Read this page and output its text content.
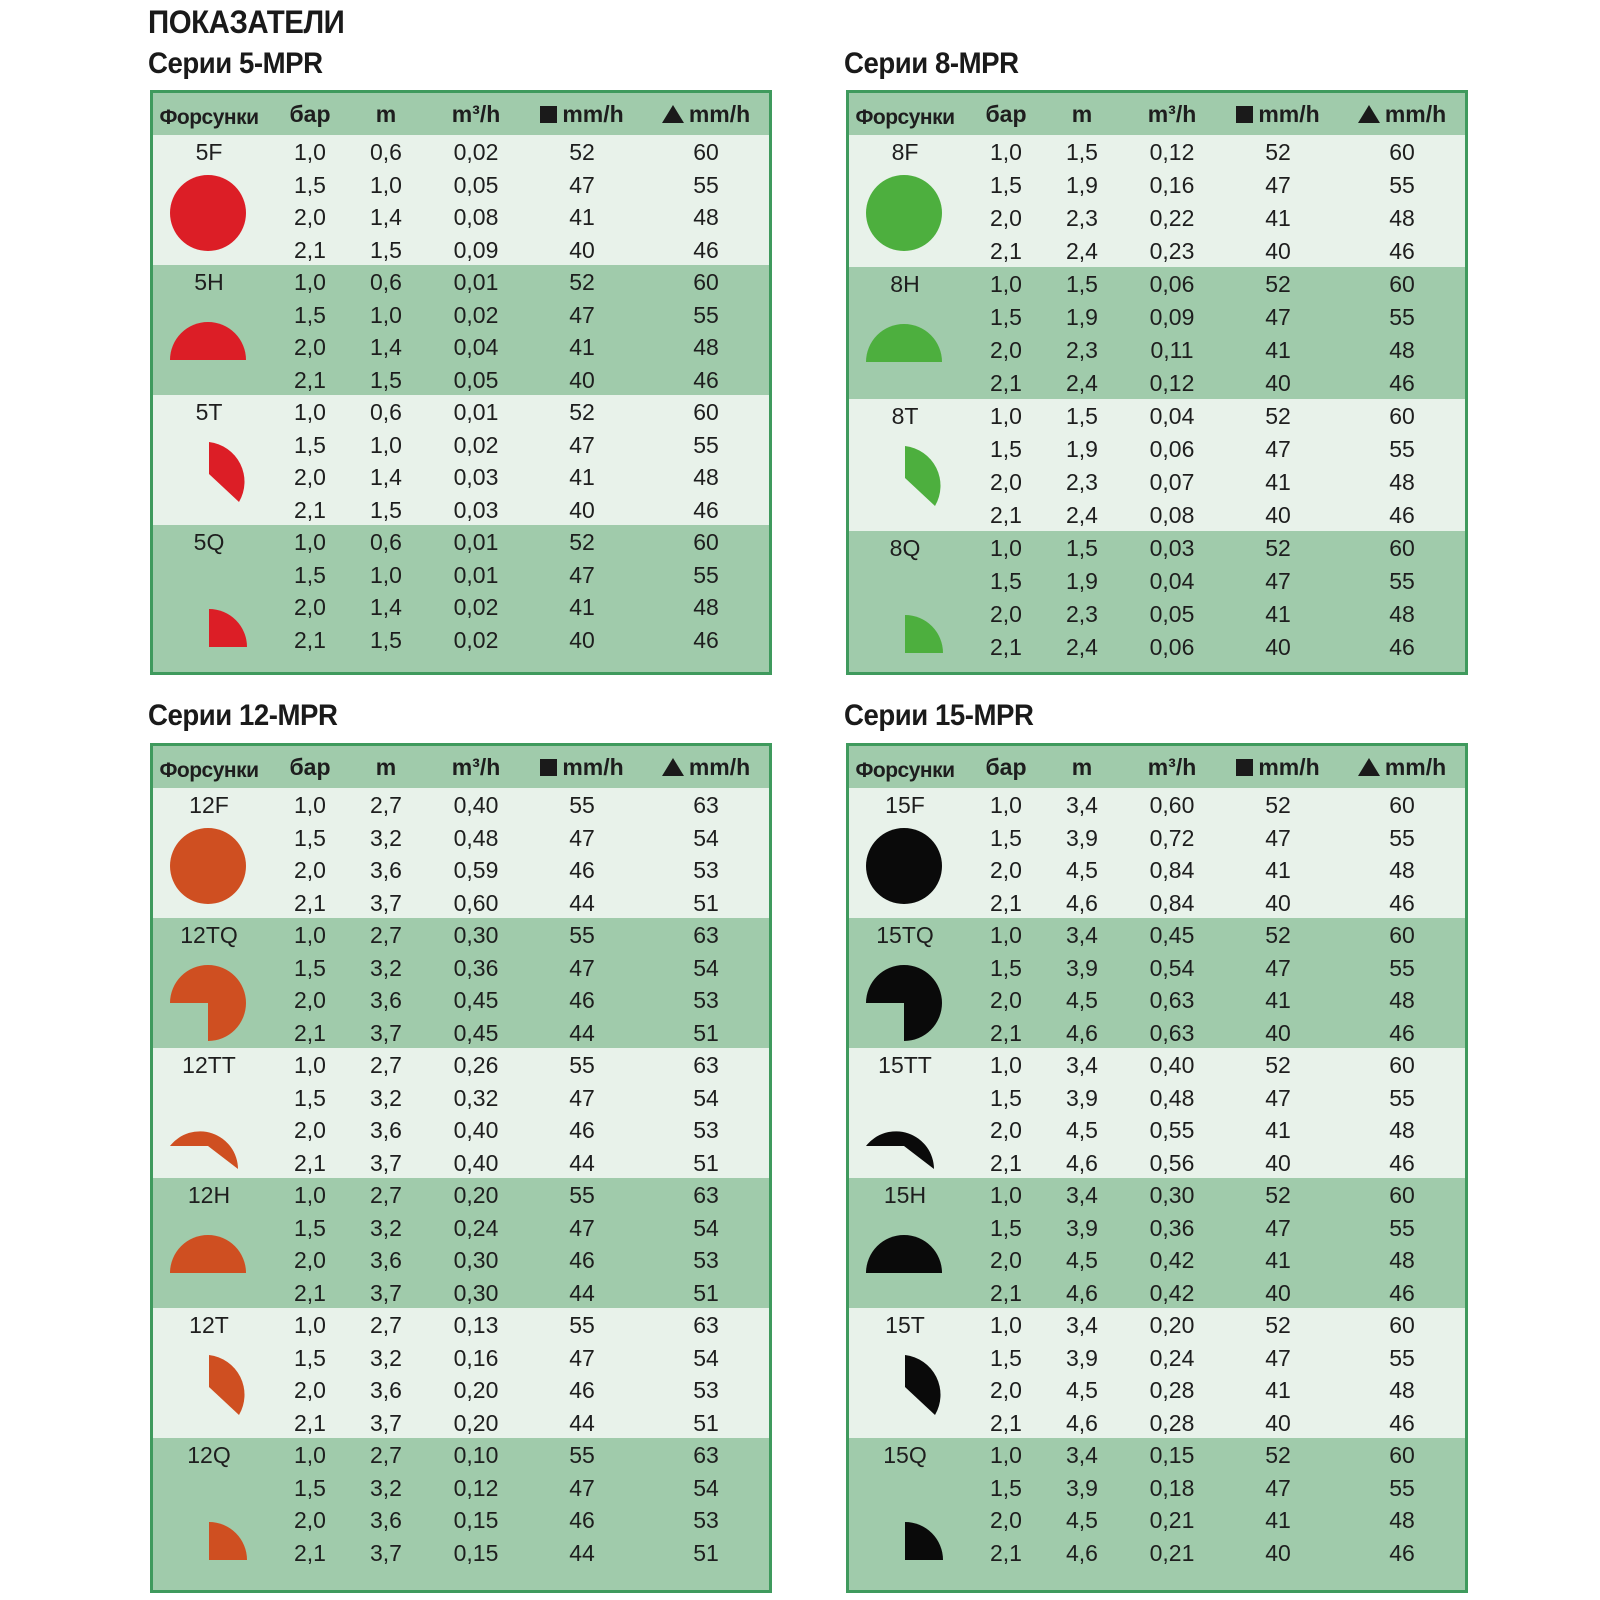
ПОКАЗАТЕЛИ
Серии 5-MPR	Серии 8-MPR
Серии 12-MPR	Серии 15-MPR
Форсунки	бар	m	m³/h	mm/h	mm/h
5F	1,0	0,6	0,02	52	60
1,5	1,0	0,05	47	55
2,0	1,4	0,08	41	48
2,1	1,5	0,09	40	46
5H	1,0	0,6	0,01	52	60
1,5	1,0	0,02	47	55
2,0	1,4	0,04	41	48
2,1	1,5	0,05	40	46
5T	1,0	0,6	0,01	52	60
1,5	1,0	0,02	47	55
2,0	1,4	0,03	41	48
2,1	1,5	0,03	40	46
5Q	1,0	0,6	0,01	52	60
1,5	1,0	0,01	47	55
2,0	1,4	0,02	41	48
2,1	1,5	0,02	40	46
Форсунки	бар	m	m³/h	mm/h	mm/h
8F	1,0	1,5	0,12	52	60
1,5	1,9	0,16	47	55
2,0	2,3	0,22	41	48
2,1	2,4	0,23	40	46
8H	1,0	1,5	0,06	52	60
1,5	1,9	0,09	47	55
2,0	2,3	0,11	41	48
2,1	2,4	0,12	40	46
8T	1,0	1,5	0,04	52	60
1,5	1,9	0,06	47	55
2,0	2,3	0,07	41	48
2,1	2,4	0,08	40	46
8Q	1,0	1,5	0,03	52	60
1,5	1,9	0,04	47	55
2,0	2,3	0,05	41	48
2,1	2,4	0,06	40	46
Форсунки	бар	m	m³/h	mm/h	mm/h
12F	1,0	2,7	0,40	55	63
1,5	3,2	0,48	47	54
2,0	3,6	0,59	46	53
2,1	3,7	0,60	44	51
12TQ	1,0	2,7	0,30	55	63
1,5	3,2	0,36	47	54
2,0	3,6	0,45	46	53
2,1	3,7	0,45	44	51
12TT	1,0	2,7	0,26	55	63
1,5	3,2	0,32	47	54
2,0	3,6	0,40	46	53
2,1	3,7	0,40	44	51
12H	1,0	2,7	0,20	55	63
1,5	3,2	0,24	47	54
2,0	3,6	0,30	46	53
2,1	3,7	0,30	44	51
12T	1,0	2,7	0,13	55	63
1,5	3,2	0,16	47	54
2,0	3,6	0,20	46	53
2,1	3,7	0,20	44	51
12Q	1,0	2,7	0,10	55	63
1,5	3,2	0,12	47	54
2,0	3,6	0,15	46	53
2,1	3,7	0,15	44	51
Форсунки	бар	m	m³/h	mm/h	mm/h
15F	1,0	3,4	0,60	52	60
1,5	3,9	0,72	47	55
2,0	4,5	0,84	41	48
2,1	4,6	0,84	40	46
15TQ	1,0	3,4	0,45	52	60
1,5	3,9	0,54	47	55
2,0	4,5	0,63	41	48
2,1	4,6	0,63	40	46
15TT	1,0	3,4	0,40	52	60
1,5	3,9	0,48	47	55
2,0	4,5	0,55	41	48
2,1	4,6	0,56	40	46
15H	1,0	3,4	0,30	52	60
1,5	3,9	0,36	47	55
2,0	4,5	0,42	41	48
2,1	4,6	0,42	40	46
15T	1,0	3,4	0,20	52	60
1,5	3,9	0,24	47	55
2,0	4,5	0,28	41	48
2,1	4,6	0,28	40	46
15Q	1,0	3,4	0,15	52	60
1,5	3,9	0,18	47	55
2,0	4,5	0,21	41	48
2,1	4,6	0,21	40	46
